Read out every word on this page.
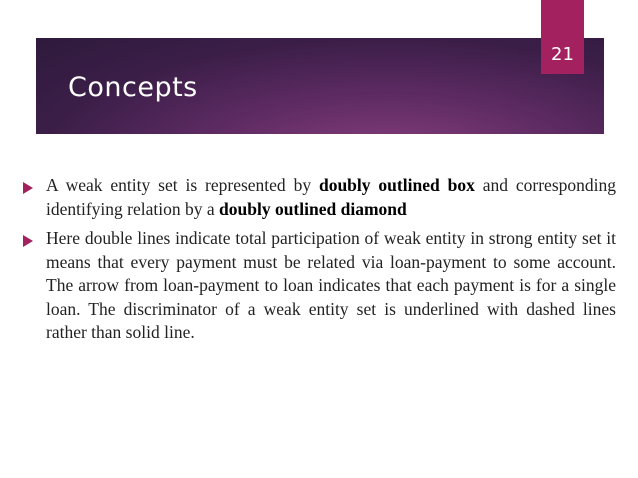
Concepts
21
A weak entity set is represented by doubly outlined box and corresponding identifying relation by a doubly outlined diamond
Here double lines indicate total participation of weak entity in strong entity set it means that every payment must be related via loan-payment to some account. The arrow from loan-payment to loan indicates that each payment is for a single loan. The discriminator of a weak entity set is underlined with dashed lines rather than solid line.
